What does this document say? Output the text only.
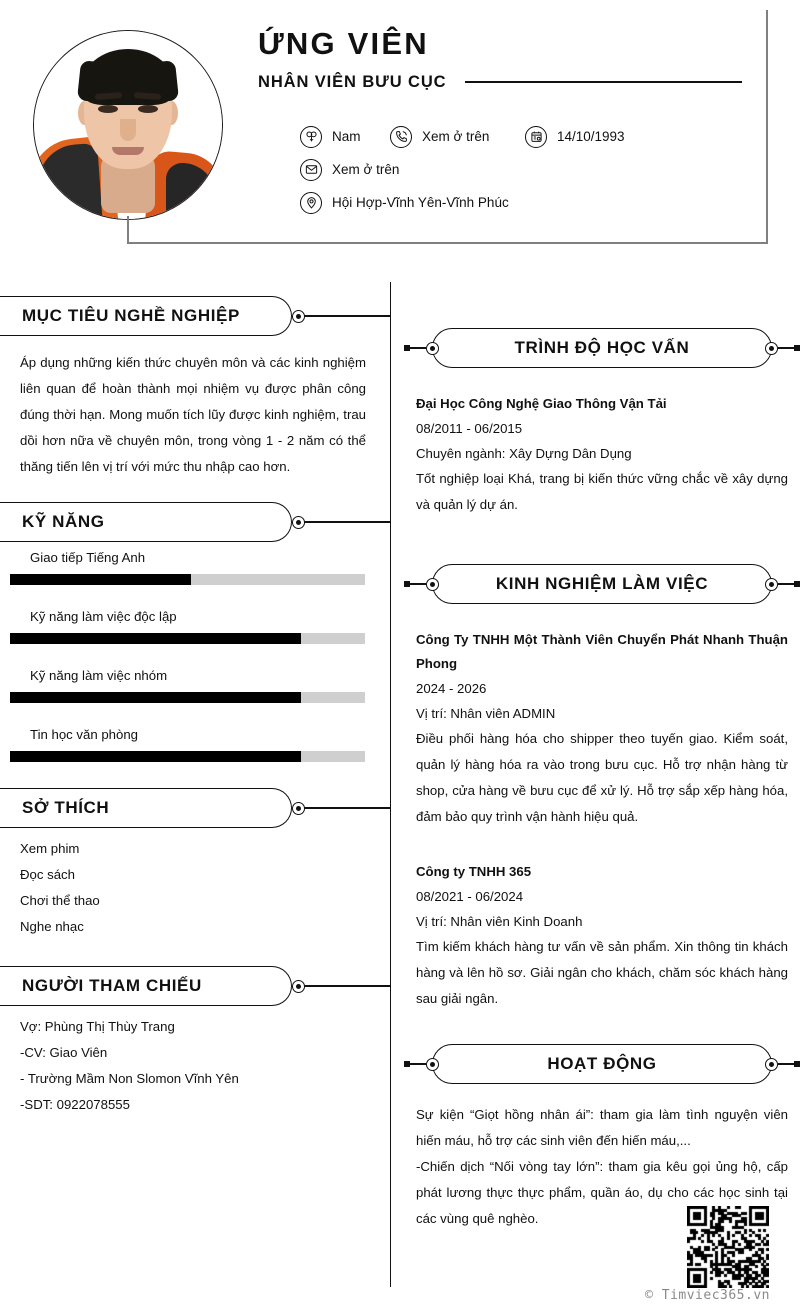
ỨNG VIÊN
NHÂN VIÊN BƯU CỤC
Nam	Xem ở trên	14/10/1993
Xem ở trên
Hội Hợp-Vĩnh Yên-Vĩnh Phúc
MỤC TIÊU NGHỀ NGHIỆP
Áp dụng những kiến thức chuyên môn và các kinh nghiệm liên quan để hoàn thành mọi nhiệm vụ được phân công đúng thời hạn. Mong muốn tích lũy được kinh nghiệm, trau dồi hơn nữa về chuyên môn, trong vòng 1 - 2 năm có thể thăng tiến lên vị trí với mức thu nhập cao hơn.
KỸ NĂNG
Giao tiếp Tiếng Anh
Kỹ năng làm việc độc lập
Kỹ năng làm việc nhóm
Tin học văn phòng
SỞ THÍCH
Xem phim
Đọc sách
Chơi thể thao
Nghe nhạc
NGƯỜI THAM CHIẾU
Vợ: Phùng Thị Thùy Trang
-CV: Giao Viên
- Trường Mầm Non Slomon Vĩnh Yên
-SDT: 0922078555
TRÌNH ĐỘ HỌC VẤN
Đại Học Công Nghệ Giao Thông Vận Tải
08/2011 - 06/2015
Chuyên ngành: Xây Dựng Dân Dụng
Tốt nghiệp loại Khá, trang bị kiến thức vững chắc về xây dựng và quản lý dự án.
KINH NGHIỆM LÀM VIỆC
Công Ty TNHH Một Thành Viên Chuyển Phát Nhanh Thuận Phong
2024 - 2026
Vị trí: Nhân viên ADMIN
Điều phối hàng hóa cho shipper theo tuyến giao. Kiểm soát, quản lý hàng hóa ra vào trong bưu cục. Hỗ trợ nhận hàng từ shop, cửa hàng về bưu cục để xử lý. Hỗ trợ sắp xếp hàng hóa, đảm bảo quy trình vận hành hiệu quả.
Công ty TNHH 365
08/2021 - 06/2024
Vị trí: Nhân viên Kinh Doanh
Tìm kiếm khách hàng tư vấn về sản phẩm. Xin thông tin khách hàng và lên hồ sơ. Giải ngân cho khách, chăm sóc khách hàng sau giải ngân.
HOẠT ĐỘNG
Sự kiện “Giọt hồng nhân ái”: tham gia làm tình nguyện viên hiến máu, hỗ trợ các sinh viên đến hiến máu,...
-Chiến dịch “Nối vòng tay lớn”: tham gia kêu gọi ủng hộ, cấp phát lương thực thực phẩm, quần áo, dụ cho các học sinh tại các vùng quê nghèo.
© Timviec365.vn
